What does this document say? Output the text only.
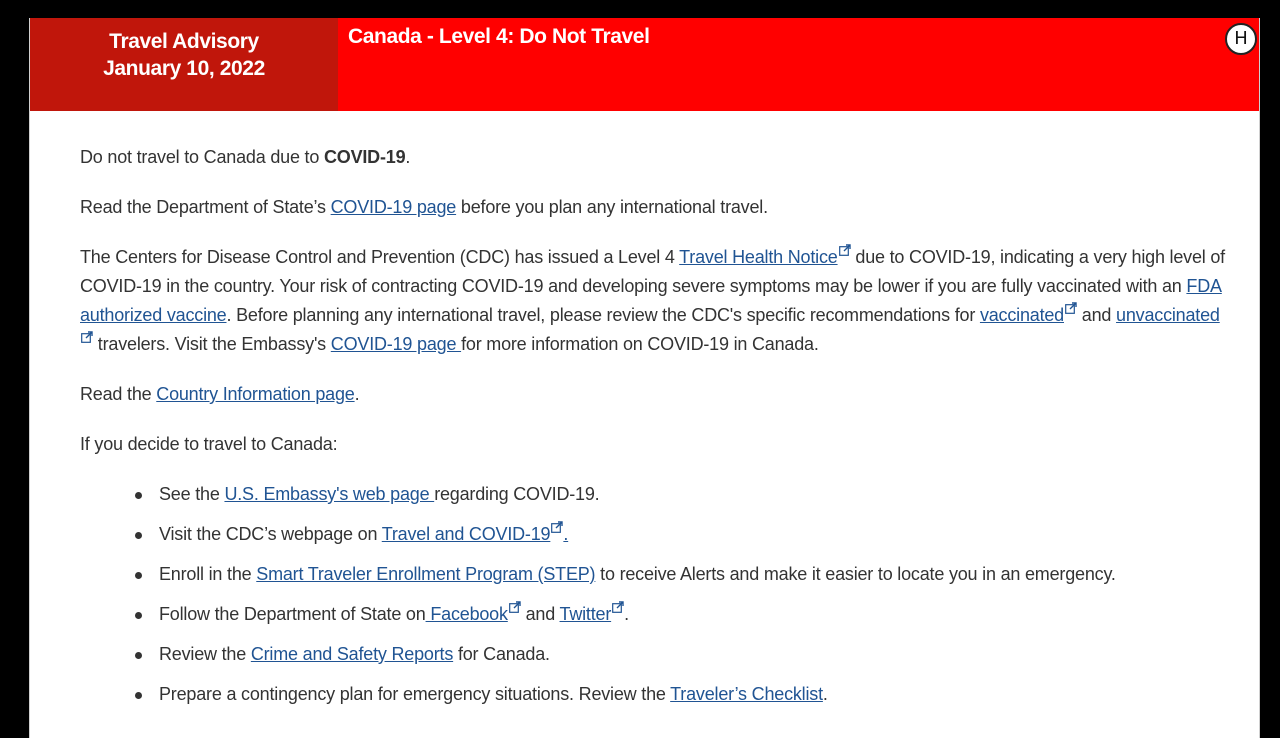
Travel Advisory
January 10, 2022
Canada - Level 4: Do Not Travel	H

Do not travel to Canada due to COVID-19.

Read the Department of State’s COVID-19 page before you plan any international travel.

The Centers for Disease Control and Prevention (CDC) has issued a Level 4 Travel Health Notice due to COVID-19, indicating a very high level of COVID-19 in the country. Your risk of contracting COVID-19 and developing severe symptoms may be lower if you are fully vaccinated with an FDA authorized vaccine. Before planning any international travel, please review the CDC's specific recommendations for vaccinated and unvaccinated travelers. Visit the Embassy's COVID-19 page for more information on COVID-19 in Canada.

Read the Country Information page.

If you decide to travel to Canada:

See the U.S. Embassy's web page regarding COVID-19.
Visit the CDC’s webpage on Travel and COVID-19 .
Enroll in the Smart Traveler Enrollment Program (STEP) to receive Alerts and make it easier to locate you in an emergency.
Follow the Department of State on Facebook and Twitter .
Review the Crime and Safety Reports for Canada.
Prepare a contingency plan for emergency situations. Review the Traveler’s Checklist.
